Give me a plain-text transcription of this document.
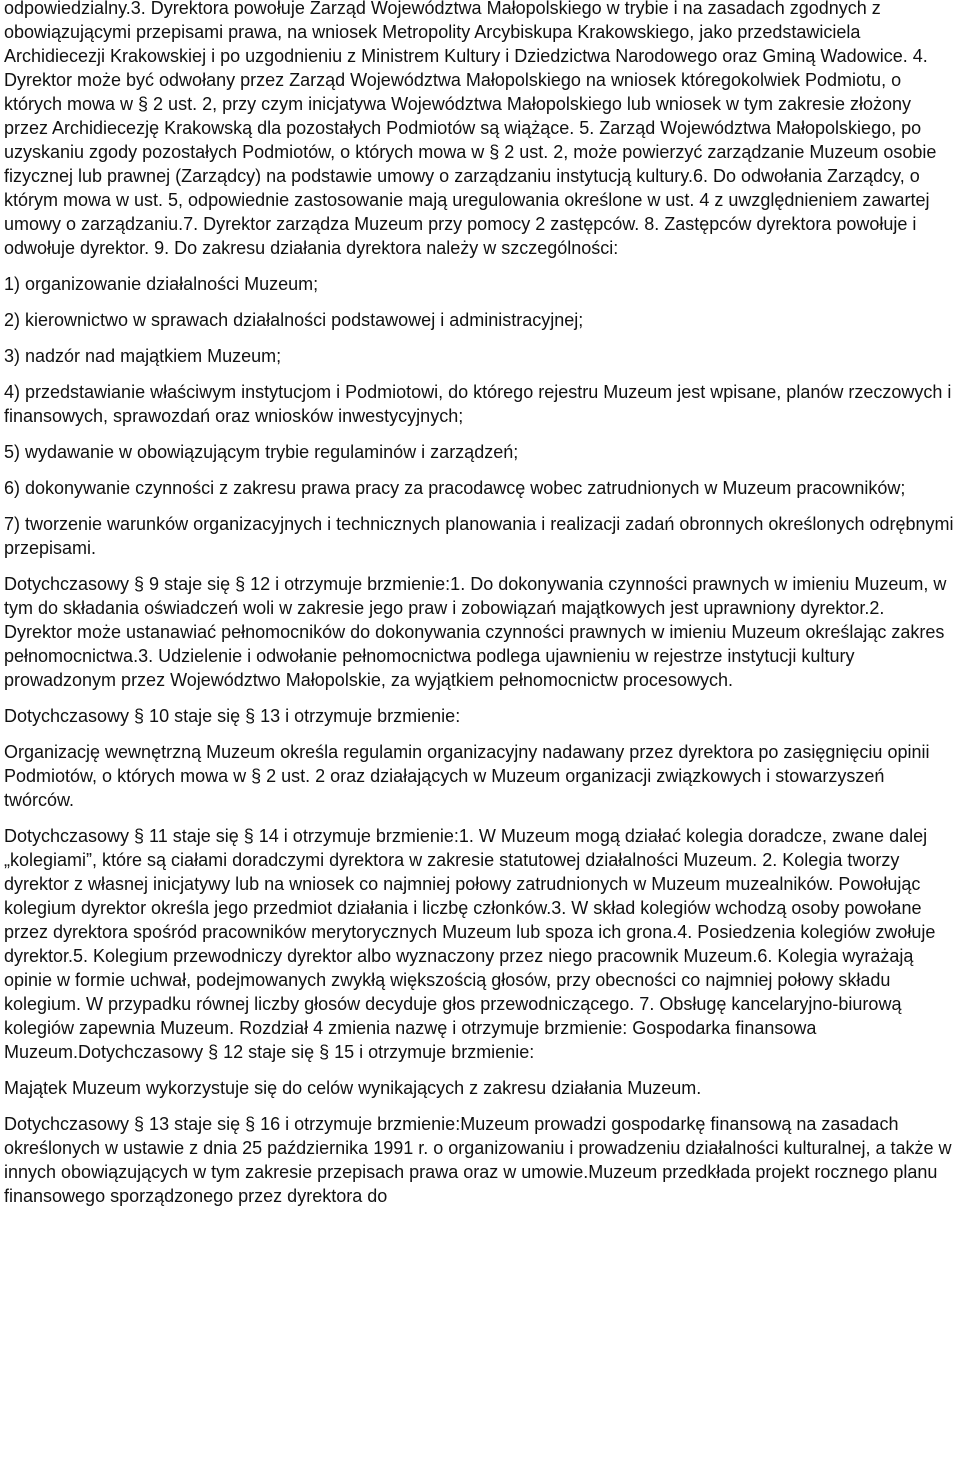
odpowiedzialny.3. Dyrektora powołuje Zarząd Województwa Małopolskiego w trybie i na zasadach zgodnych z obowiązującymi przepisami prawa, na wniosek Metropolity Arcybiskupa Krakowskiego, jako przedstawiciela Archidiecezji Krakowskiej i po uzgodnieniu z Ministrem Kultury i Dziedzictwa Narodowego oraz Gminą Wadowice. 4. Dyrektor może być odwołany przez Zarząd Województwa Małopolskiego na wniosek któregokolwiek Podmiotu, o których mowa w § 2 ust. 2, przy czym inicjatywa Województwa Małopolskiego lub wniosek w tym zakresie złożony przez Archidiecezję Krakowską dla pozostałych Podmiotów są wiążące. 5. Zarząd Województwa Małopolskiego, po uzyskaniu zgody pozostałych Podmiotów, o których mowa w § 2 ust. 2, może powierzyć zarządzanie Muzeum osobie fizycznej lub prawnej (Zarządcy) na podstawie umowy o zarządzaniu instytucją kultury.6. Do odwołania Zarządcy, o którym mowa w ust. 5, odpowiednie zastosowanie mają uregulowania określone w ust. 4 z uwzględnieniem zawartej umowy o zarządzaniu.7. Dyrektor zarządza Muzeum przy pomocy 2 zastępców. 8. Zastępców dyrektora powołuje i odwołuje dyrektor. 9. Do zakresu działania dyrektora należy w szczególności:

1) organizowanie działalności Muzeum;

2) kierownictwo w sprawach działalności podstawowej i administracyjnej;

3) nadzór nad majątkiem Muzeum;

4) przedstawianie właściwym instytucjom i Podmiotowi, do którego rejestru Muzeum jest wpisane, planów rzeczowych i finansowych, sprawozdań oraz wniosków inwestycyjnych;

5) wydawanie w obowiązującym trybie regulaminów i zarządzeń;

6) dokonywanie czynności z zakresu prawa pracy za pracodawcę wobec zatrudnionych w Muzeum pracowników;

7) tworzenie warunków organizacyjnych i technicznych planowania i realizacji zadań obronnych określonych odrębnymi przepisami.

Dotychczasowy § 9 staje się § 12 i otrzymuje brzmienie:1. Do dokonywania czynności prawnych w imieniu Muzeum, w tym do składania oświadczeń woli w zakresie jego praw i zobowiązań majątkowych jest uprawniony dyrektor.2. Dyrektor może ustanawiać pełnomocników do dokonywania czynności prawnych w imieniu Muzeum określając zakres pełnomocnictwa.3. Udzielenie i odwołanie pełnomocnictwa podlega ujawnieniu w rejestrze instytucji kultury prowadzonym przez Województwo Małopolskie, za wyjątkiem pełnomocnictw procesowych.

Dotychczasowy § 10 staje się § 13 i otrzymuje brzmienie:

Organizację wewnętrzną Muzeum określa regulamin organizacyjny nadawany przez dyrektora po zasięgnięciu opinii Podmiotów, o których mowa w § 2 ust. 2 oraz działających w Muzeum organizacji związkowych i stowarzyszeń twórców.

Dotychczasowy § 11 staje się § 14 i otrzymuje brzmienie:1. W Muzeum mogą działać kolegia doradcze, zwane dalej „kolegiami”, które są ciałami doradczymi dyrektora w zakresie statutowej działalności Muzeum. 2. Kolegia tworzy dyrektor z własnej inicjatywy lub na wniosek co najmniej połowy zatrudnionych w Muzeum muzealników. Powołując kolegium dyrektor określa jego przedmiot działania i liczbę członków.3. W skład kolegiów wchodzą osoby powołane przez dyrektora spośród pracowników merytorycznych Muzeum lub spoza ich grona.4. Posiedzenia kolegiów zwołuje dyrektor.5. Kolegium przewodniczy dyrektor albo wyznaczony przez niego pracownik Muzeum.6. Kolegia wyrażają opinie w formie uchwał, podejmowanych zwykłą większością głosów, przy obecności co najmniej połowy składu kolegium. W przypadku równej liczby głosów decyduje głos przewodniczącego. 7. Obsługę kancelaryjno-biurową kolegiów zapewnia Muzeum. Rozdział 4 zmienia nazwę i otrzymuje brzmienie: Gospodarka finansowa Muzeum.Dotychczasowy § 12 staje się § 15 i otrzymuje brzmienie:

Majątek Muzeum wykorzystuje się do celów wynikających z zakresu działania Muzeum.

Dotychczasowy § 13 staje się § 16 i otrzymuje brzmienie:Muzeum prowadzi gospodarkę finansową na zasadach określonych w ustawie z dnia 25 października 1991 r. o organizowaniu i prowadzeniu działalności kulturalnej, a także w innych obowiązujących w tym zakresie przepisach prawa oraz w umowie.Muzeum przedkłada projekt rocznego planu finansowego sporządzonego przez dyrektora do
